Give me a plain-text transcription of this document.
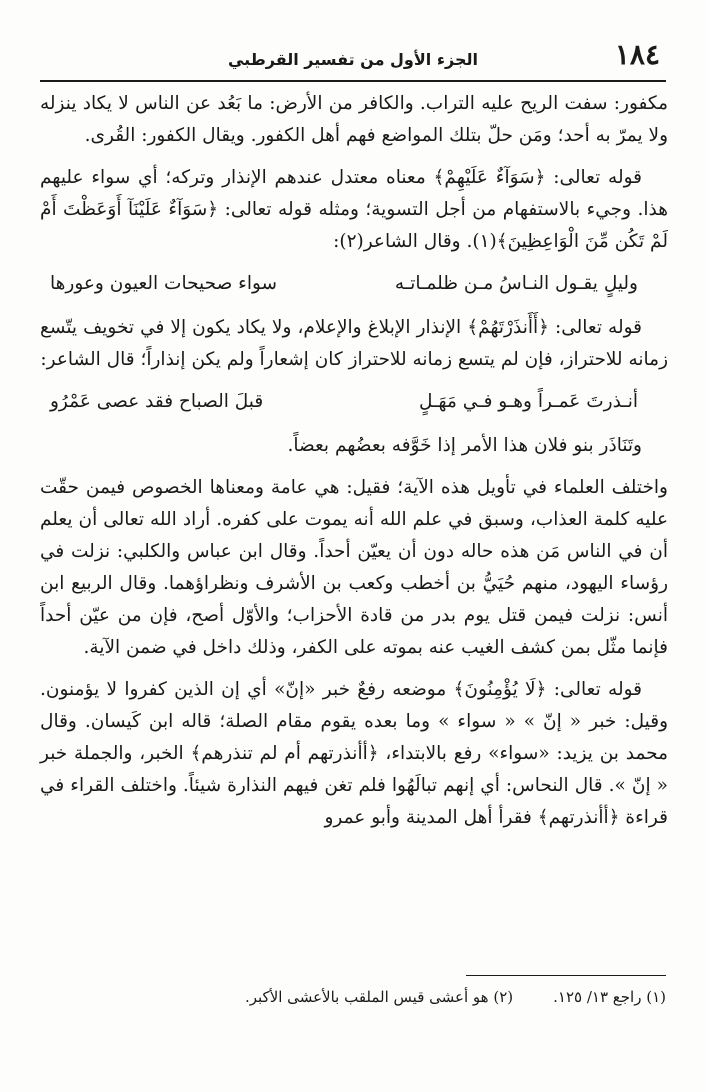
١٨٤
الجزء الأول من تفسير القرطبي

مكفور: سفت الريح عليه التراب. والكافر من الأرض: ما بَعُد عن الناس لا يكاد ينزله ولا يمرّ به أحد؛ ومَن حلّ بتلك المواضع فهم أهل الكفور. ويقال الكفور: القُرى.

قوله تعالى: ﴿سَوَآءٌ عَلَيْهِمْ﴾ معناه معتدل عندهم الإنذار وتركه؛ أي سواء عليهم هذا. وجيء بالاستفهام من أجل التسوية؛ ومثله قوله تعالى: ﴿سَوَآءٌ عَلَيْنَآ أَوَعَظْتَ أَمْ لَمْ تَكُن مِّنَ الْوَاعِظِينَ﴾(١). وقال الشاعر(٢):

وليلٍ يقـول النـاسُ مـن ظلمـاتـه
سواء صحيحات العيون وعورها

قوله تعالى: ﴿أَأَنذَرْتَهُمْ﴾ الإنذار الإبلاغ والإعلام، ولا يكاد يكون إلا في تخويف يتّسع زمانه للاحتراز، فإن لم يتسع زمانه للاحتراز كان إشعاراً ولم يكن إنذاراً؛ قال الشاعر:

أنـذرتَ عَمـراً وهـو فـي مَهَـلٍ
قبلَ الصباح فقد عصى عَمْرُو

وتَنَاذَر بنو فلان هذا الأمر إذا خَوَّفه بعضُهم بعضاً.

واختلف العلماء في تأويل هذه الآية؛ فقيل: هي عامة ومعناها الخصوص فيمن حقّت عليه كلمة العذاب، وسبق في علم الله أنه يموت على كفره. أراد الله تعالى أن يعلم أن في الناس مَن هذه حاله دون أن يعيّن أحداً. وقال ابن عباس والكلبي: نزلت في رؤساء اليهود، منهم حُيَيُّ بن أخطب وكعب بن الأشرف ونظراؤهما. وقال الربيع ابن أنس: نزلت فيمن قتل يوم بدر من قادة الأحزاب؛ والأوّل أصح، فإن من عيّن أحداً فإنما مثّل بمن كشف الغيب عنه بموته على الكفر، وذلك داخل في ضمن الآية.

قوله تعالى: ﴿لَا يُؤْمِنُونَ﴾ موضعه رفعٌ خبر «إنّ» أي إن الذين كفروا لا يؤمنون. وقيل: خبر « إنّ » « سواء » وما بعده يقوم مقام الصلة؛ قاله ابن كَيسان. وقال محمد بن يزيد: «سواء» رفع بالابتداء، ﴿أأنذرتهم أم لم تنذرهم﴾ الخبر، والجملة خبر « إنّ ». قال النحاس: أي إنهم تبالَهُوا فلم تغن فيهم النذارة شيئاً. واختلف القراء في قراءة ﴿أأنذرتهم﴾ فقرأ أهل المدينة وأبو عمرو

(١) راجع ١٣/ ١٢٥.
(٢) هو أعشى قيس الملقب بالأعشى الأكبر.
